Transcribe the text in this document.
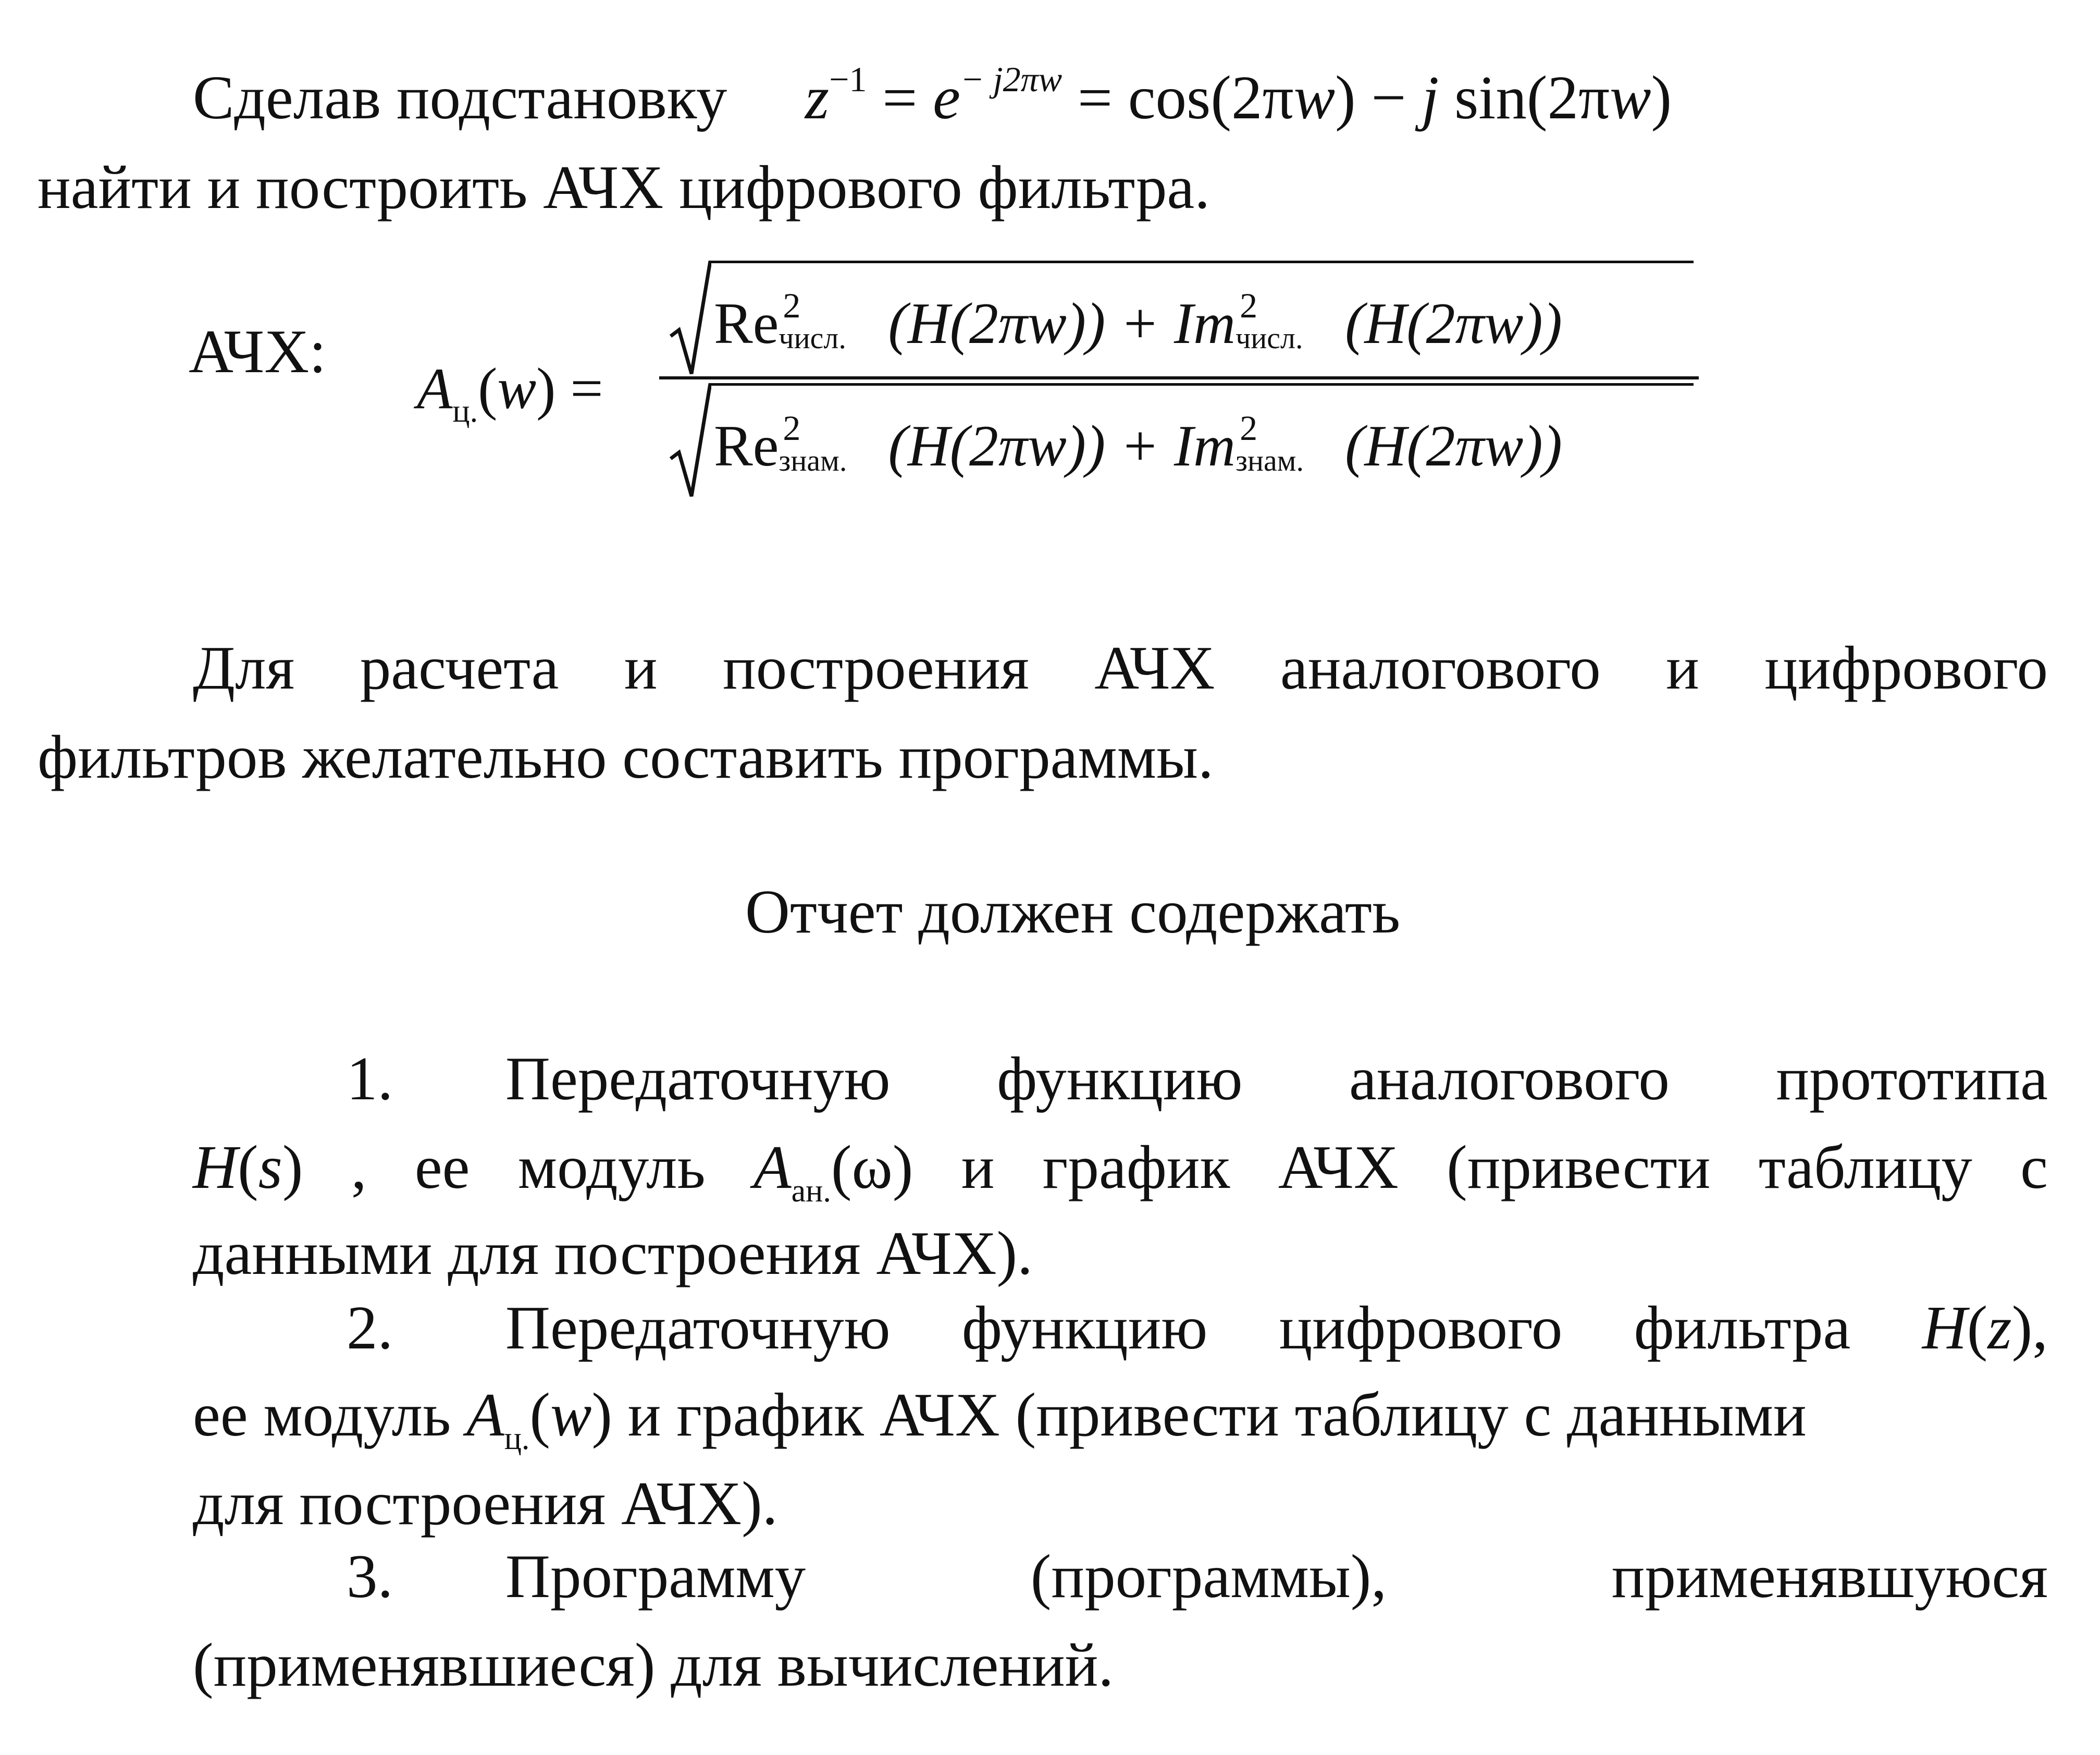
Сделав подстановку $z^{-1} = e^{- j2\pi w} = \cos(2\pi w) - j$ sin(2πw)
найти и построить АЧХ цифрового фильтра.
АЧХ:
$A_{ц.}(w)$ =
Re 2
числ. (H(2πw)) + Im 2
числ. (H(2πw))
Re 2
знам. (H(2πw)) + Im 2
знам. (H(2πw))
Для расчета и построения АЧХ аналогового и цифрового
фильтров желательно составить программы.
Отчет должен содержать
1. Передаточную функцию аналогового прототипа
H(s) , ее модуль $A_{ан.}(\omega)$ и график АЧХ (привести таблицу с
данными для построения АЧХ).
2. Передаточную функцию цифрового фильтра H(z),
ее модуль $A_{ц.}(w)$ и график АЧХ (привести таблицу с данными
для построения АЧХ).
3. Программу	(программы),	применявшуюся
(применявшиеся) для вычислений.
